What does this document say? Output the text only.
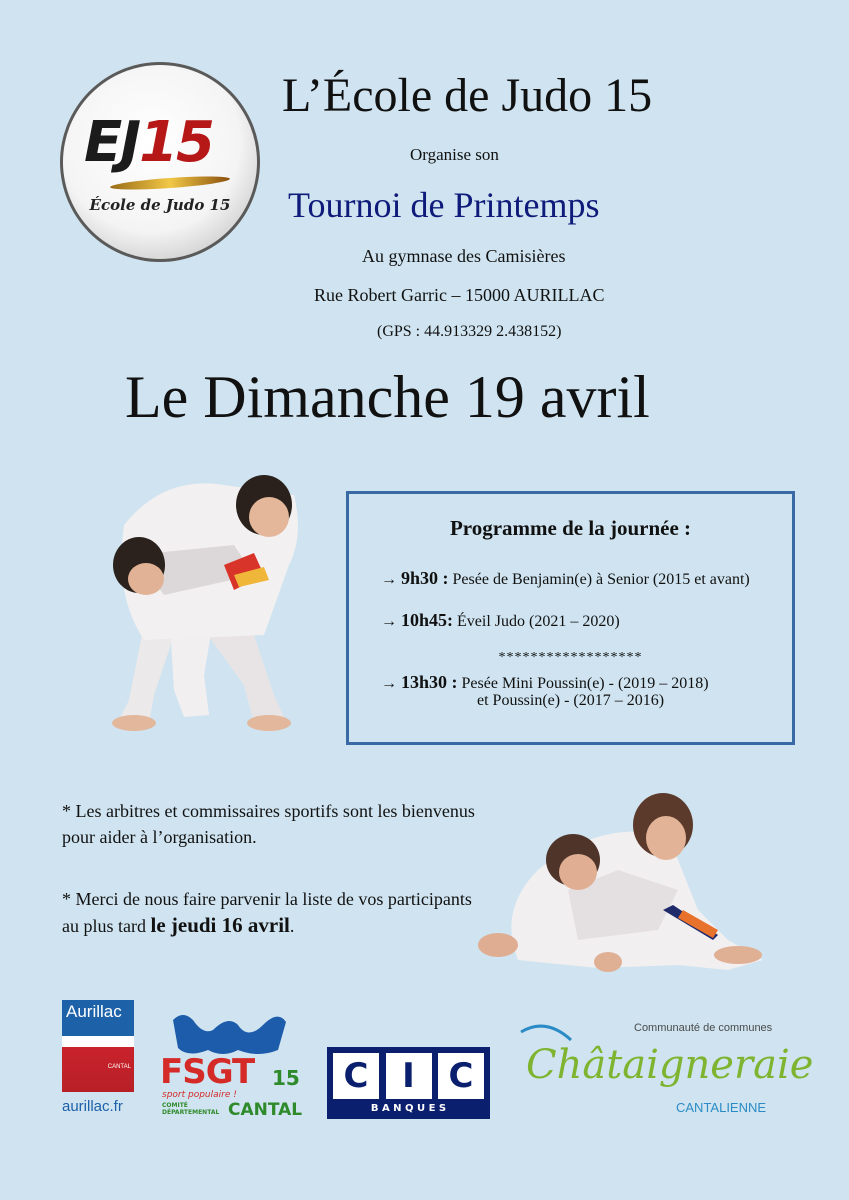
EJ15
École de Judo 15
L’École de Judo 15
Organise son
Tournoi de Printemps
Au gymnase des Camisières
Rue Robert Garric – 15000 AURILLAC
(GPS : 44.913329 2.438152)
Le Dimanche 19 avril
Programme de la journée :
→ 9h30 : Pesée de Benjamin(e) à Senior (2015 et avant)
→ 10h45: Éveil Judo (2021 – 2020)
******************
→ 13h30 : Pesée Mini Poussin(e) - (2019 – 2018)
et Poussin(e) - (2017 – 2016)
* Les arbitres et commissaires sportifs sont les bienvenus pour aider à l’organisation.
* Merci de nous faire parvenir la liste de vos participants au plus tard le jeudi 16 avril.
Aurillac
CANTAL
aurillac.fr
FSGT 15
sport populaire !
COMITÉ DÉPARTEMENTAL CANTAL
C I C
B A N Q U E S
Communauté de communes
Châtaigneraie
CANTALIENNE
